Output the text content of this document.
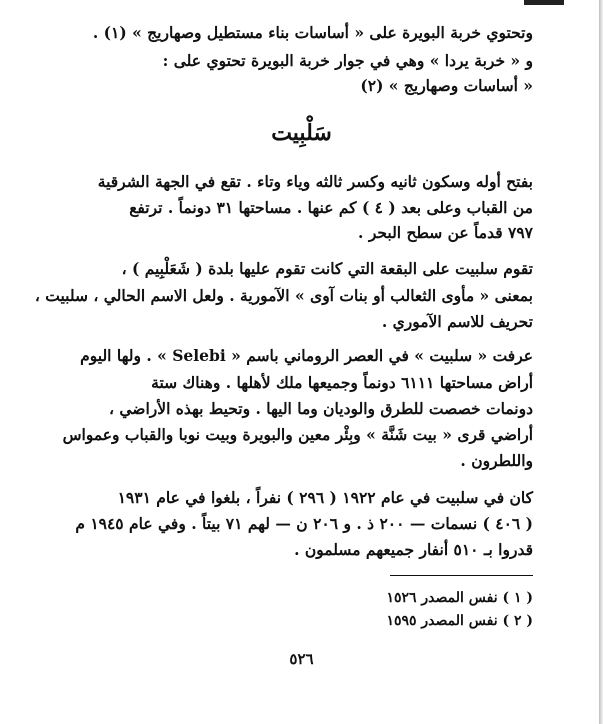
وتحتوي خربة البويرة على « أساسات بناء مستطيل وصهاريج » (١) .
و « خربة يردا » وهي في جوار خربة البويرة تحتوي على :
« أساسات وصهاريج » (٢)
سَلْبِيت
بفتح أوله وسكون ثانيه وكسر ثالثه وياء وتاء . تقع في الجهة الشرقية
من القباب وعلى بعد ( ٤ ) كم عنها . مساحتها ٣١ دونماً . ترتفع
٧٩٧ قدماً عن سطح البحر .
تقوم سلبيت على البقعة التي كانت تقوم عليها بلدة ( شَعَلْبِيم ) ،
بمعنى « مأوى الثعالب أو بنات آوى » الآمورية . ولعل الاسم الحالي ، سلبيت ،
تحريف للاسم الآموري .
عرفت « سلبيت » في العصر الروماني باسم « Selebi » . ولها اليوم
أراض مساحتها ٦١١١ دونماً وجميعها ملك لأهلها . وهناك ستة
دونمات خصصت للطرق والوديان وما اليها . وتحيط بهذه الأراضي ،
أراضي قرى « بيت شَنَّة » وبِئْر معين والبويرة وبيت نوبا والقباب وعمواس
واللطرون .
كان في سلبيت في عام ١٩٢٢ ( ٢٩٦ ) نفراً ، بلغوا في عام ١٩٣١
( ٤٠٦ ) نسمات — ٢٠٠ ذ . و ٢٠٦ ن — لهم ٧١ بيتاً . وفي عام ١٩٤٥ م
قدروا بـ ٥١٠ أنفار جميعهم مسلمون .
( ١ ) نفس المصدر ١٥٢٦
( ٢ ) نفس المصدر ١٥٩٥
٥٢٦
